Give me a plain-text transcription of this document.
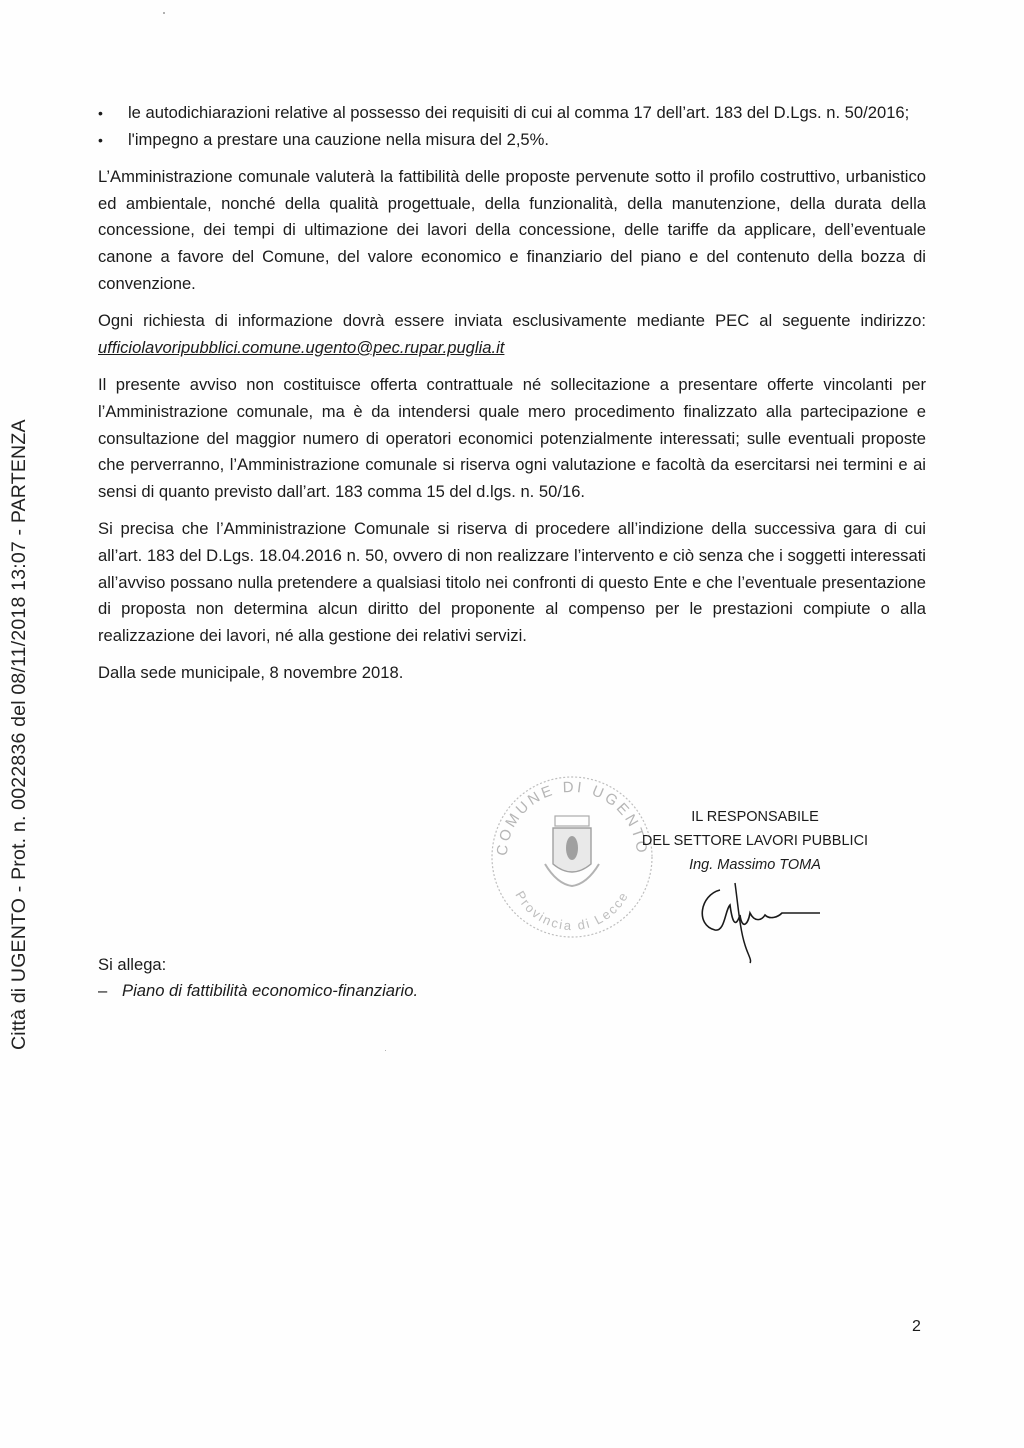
Città di UGENTO - Prot. n. 0022836 del 08/11/2018 13:07 - PARTENZA
•	le autodichiarazioni relative al possesso dei requisiti di cui al comma 17 dell’art. 183 del D.Lgs. n. 50/2016;
•	l'impegno a prestare una cauzione nella misura del 2,5%.

L’Amministrazione comunale valuterà la fattibilità delle proposte pervenute sotto il profilo costruttivo, urbanistico ed ambientale, nonché della qualità progettuale, della funzionalità, della manutenzione, della durata della concessione, dei tempi di ultimazione dei lavori della concessione, delle tariffe da applicare, dell’eventuale canone a favore del Comune, del valore economico e finanziario del piano e del contenuto della bozza di convenzione.

Ogni richiesta di informazione dovrà essere inviata esclusivamente mediante PEC al seguente indirizzo: ufficiolavoripubblici.comune.ugento@pec.rupar.puglia.it

Il presente avviso non costituisce offerta contrattuale né sollecitazione a presentare offerte vincolanti per l’Amministrazione comunale, ma è da intendersi quale mero procedimento finalizzato alla partecipazione e consultazione del maggior numero di operatori economici potenzialmente interessati; sulle eventuali proposte che perverranno, l’Amministrazione comunale si riserva ogni valutazione e facoltà da esercitarsi nei termini e ai sensi di quanto previsto dall’art. 183 comma 15 del d.lgs. n. 50/16.

Si precisa che l’Amministrazione Comunale si riserva di procedere all’indizione della successiva gara di cui all’art. 183 del D.Lgs. 18.04.2016 n. 50, ovvero di non realizzare l’intervento e ciò senza che i soggetti interessati all’avviso possano nulla pretendere a qualsiasi titolo nei confronti di questo Ente e che l’eventuale presentazione di proposta non determina alcun diritto del proponente al compenso per le prestazioni compiute o alla realizzazione dei lavori, né alla gestione dei relativi servizi.

Dalla sede municipale, 8 novembre 2018.

COMUNE DI UGENTO
Provincia di Lecce
IL RESPONSABILE
DEL SETTORE LAVORI PUBBLICI
Ing. Massimo TOMA
Si allega:
– Piano di fattibilità economico-finanziario.
2
